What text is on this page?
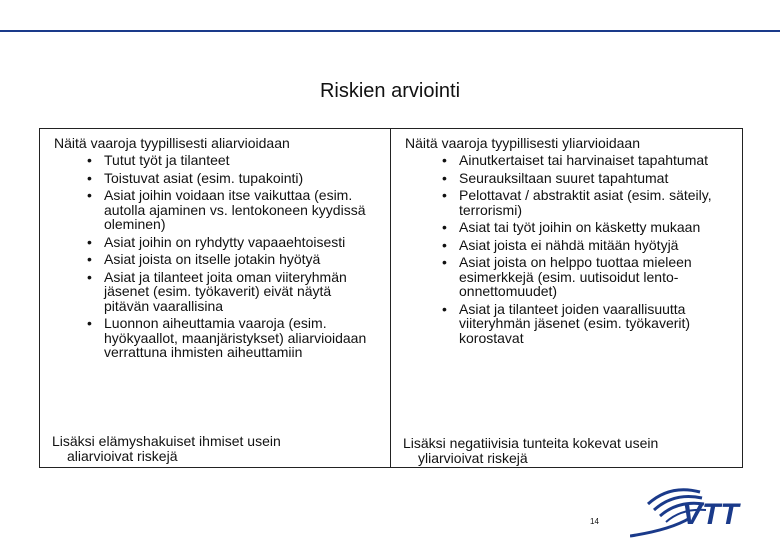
Riskien arviointi

Näitä vaaroja tyypillisesti aliarvioidaan

• Tutut työt ja tilanteet
• Toistuvat asiat (esim. tupakointi)
• Asiat joihin voidaan itse vaikuttaa (esim. autolla ajaminen vs. lentokoneen kyydissä oleminen)
• Asiat joihin on ryhdytty vapaaehtoisesti
• Asiat joista on itselle jotakin hyötyä
• Asiat ja tilanteet joita oman viiteryhmän jäsenet (esim. työkaverit) eivät näytä pitävän vaarallisina
• Luonnon aiheuttamia vaaroja (esim. hyökyaallot, maanjäristykset) aliarvioidaan verrattuna ihmisten aiheuttamiin

Lisäksi elämyshakuiset ihmiset usein
aliarvioivat riskejä

Näitä vaaroja tyypillisesti yliarvioidaan

• Ainutkertaiset tai harvinaiset tapahtumat
• Seurauksiltaan suuret tapahtumat
• Pelottavat / abstraktit asiat (esim. säteily, terrorismi)
• Asiat tai työt joihin on käsketty mukaan
• Asiat joista ei nähdä mitään hyötyjä
• Asiat joista on helppo tuottaa mieleen esimerkkejä (esim. uutisoidut lento-onnettomuudet)
• Asiat ja tilanteet joiden vaarallisuutta viiteryhmän jäsenet (esim. työkaverit) korostavat

Lisäksi negatiivisia tunteita kokevat usein
yliarvioivat riskejä

14	VTT
